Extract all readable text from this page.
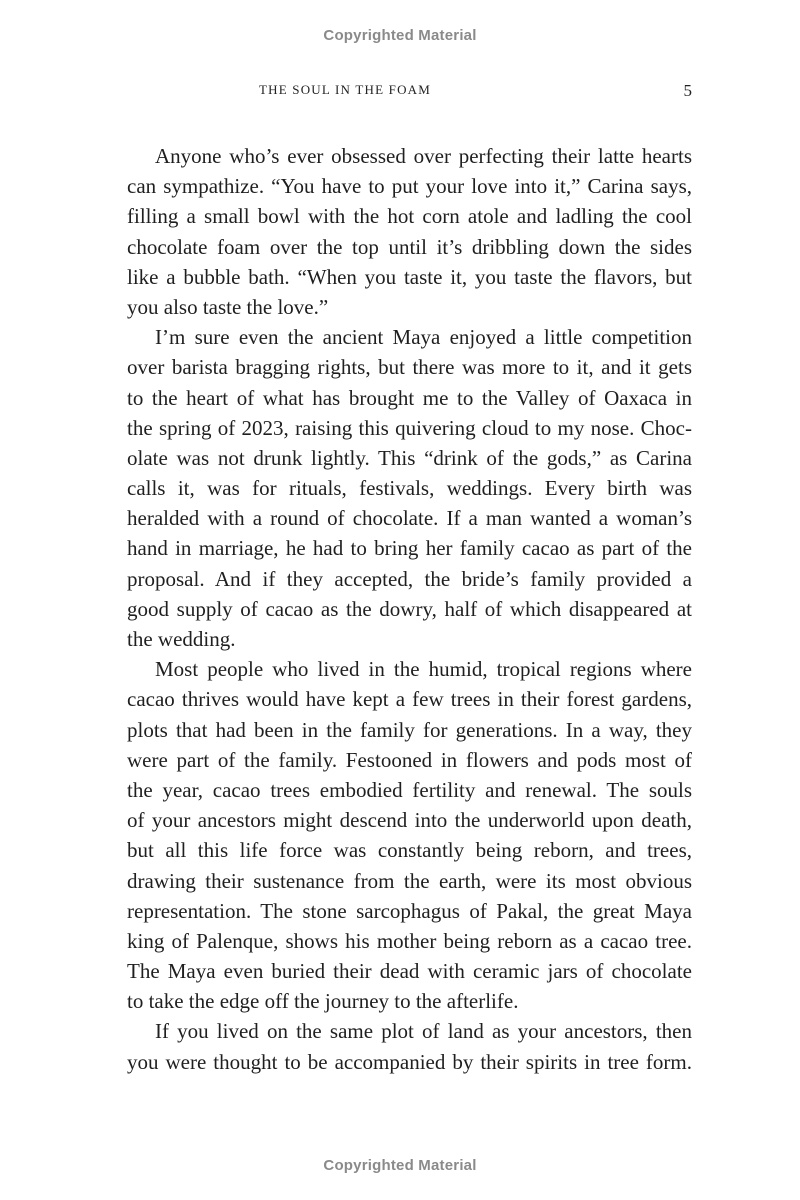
Copyrighted Material
THE SOUL IN THE FOAM	5
Anyone who’s ever obsessed over perfecting their latte hearts
can sympathize. “You have to put your love into it,” Carina says,
filling a small bowl with the hot corn atole and ladling the cool
chocolate foam over the top until it’s dribbling down the sides
like a bubble bath. “When you taste it, you taste the flavors, but
you also taste the love.”
I’m sure even the ancient Maya enjoyed a little competition
over barista bragging rights, but there was more to it, and it gets
to the heart of what has brought me to the Valley of Oaxaca in
the spring of 2023, raising this quivering cloud to my nose. Choc-
olate was not drunk lightly. This “drink of the gods,” as Carina
calls it, was for rituals, festivals, weddings. Every birth was
heralded with a round of chocolate. If a man wanted a woman’s
hand in marriage, he had to bring her family cacao as part of the
proposal. And if they accepted, the bride’s family provided a
good supply of cacao as the dowry, half of which disappeared at
the wedding.
Most people who lived in the humid, tropical regions where
cacao thrives would have kept a few trees in their forest gardens,
plots that had been in the family for generations. In a way, they
were part of the family. Festooned in flowers and pods most of
the year, cacao trees embodied fertility and renewal. The souls
of your ancestors might descend into the underworld upon death,
but all this life force was constantly being reborn, and trees,
drawing their sustenance from the earth, were its most obvious
representation. The stone sarcophagus of Pakal, the great Maya
king of Palenque, shows his mother being reborn as a cacao tree.
The Maya even buried their dead with ceramic jars of chocolate
to take the edge off the journey to the afterlife.
If you lived on the same plot of land as your ancestors, then
you were thought to be accompanied by their spirits in tree form.
Copyrighted Material
